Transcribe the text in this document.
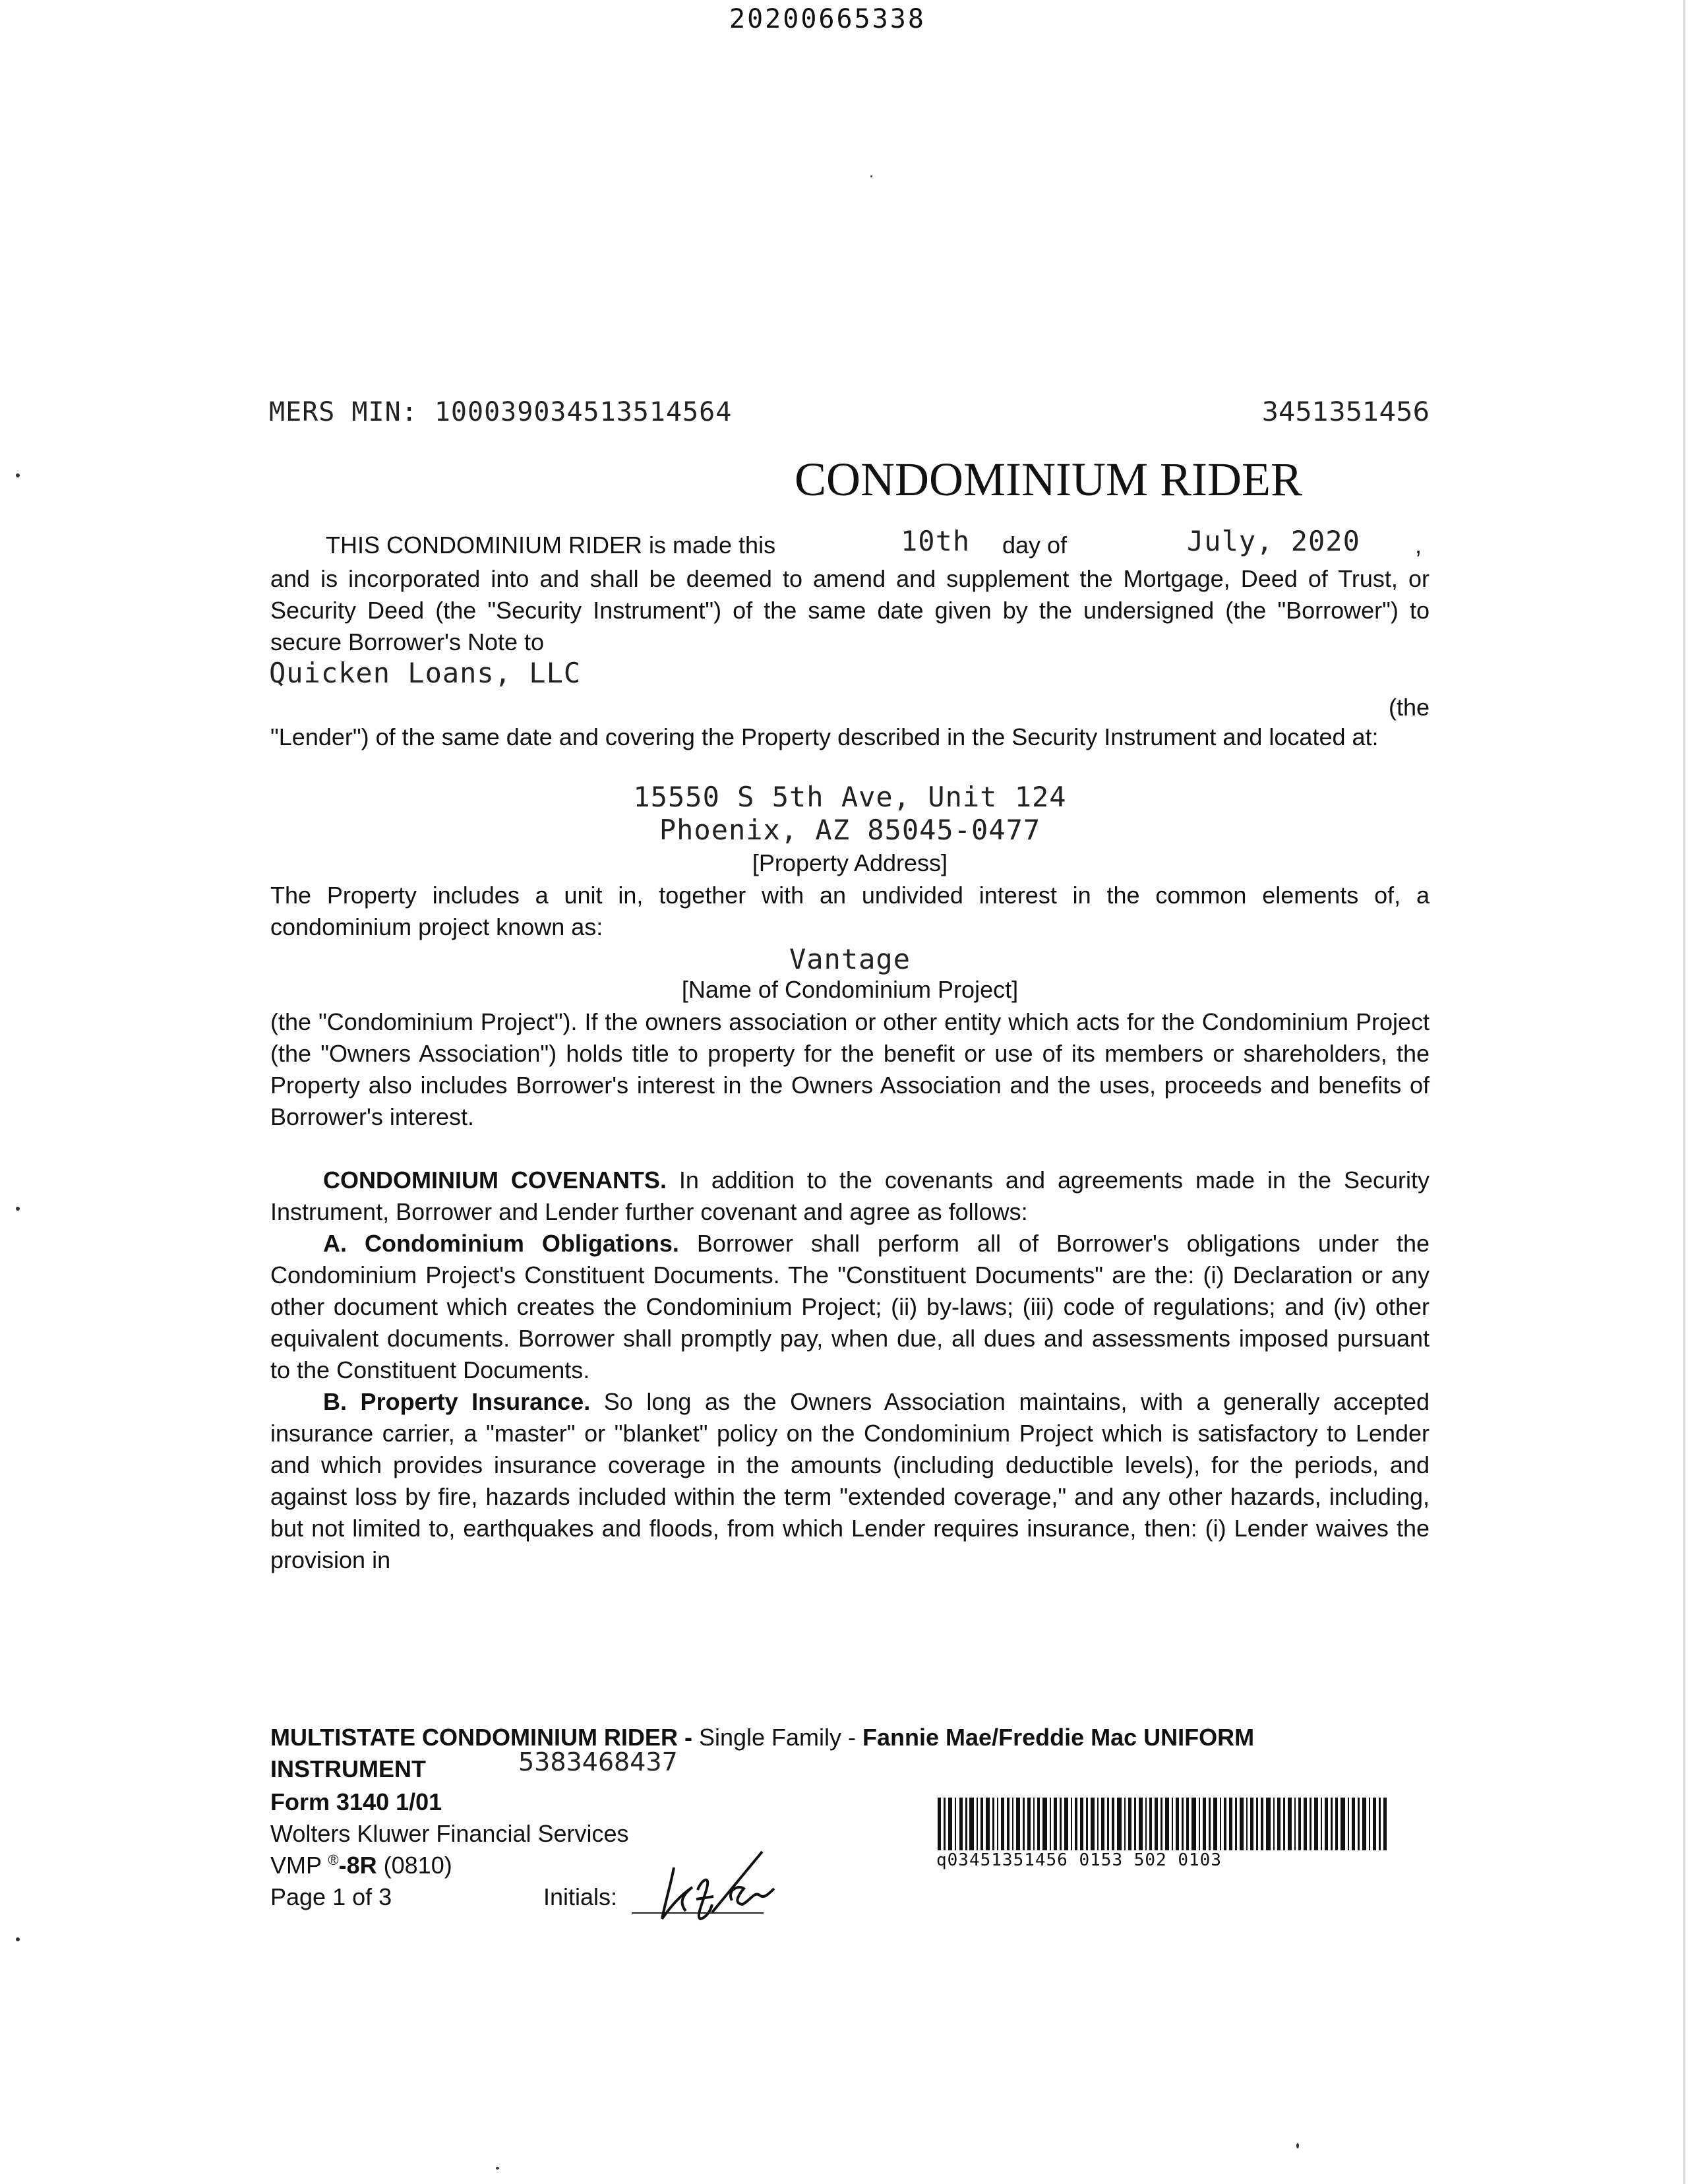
20200665338
MERS MIN: 100039034513514564	3451351456
CONDOMINIUM RIDER
THIS CONDOMINIUM RIDER is made this	10th day of	July, 2020 ,
and is incorporated into and shall be deemed to amend and supplement the Mortgage, Deed of Trust, or Security Deed (the "Security Instrument") of the same date given by the undersigned (the "Borrower") to secure Borrower's Note to
Quicken Loans, LLC
(the
"Lender") of the same date and covering the Property described in the Security Instrument and located at:
15550 S 5th Ave, Unit 124
Phoenix, AZ 85045-0477
[Property Address]
The Property includes a unit in, together with an undivided interest in the common elements of, a condominium project known as:
Vantage
[Name of Condominium Project]
(the "Condominium Project"). If the owners association or other entity which acts for the Condominium Project (the "Owners Association") holds title to property for the benefit or use of its members or shareholders, the Property also includes Borrower's interest in the Owners Association and the uses, proceeds and benefits of Borrower's interest.

CONDOMINIUM COVENANTS. In addition to the covenants and agreements made in the Security Instrument, Borrower and Lender further covenant and agree as follows:

A. Condominium Obligations. Borrower shall perform all of Borrower's obligations under the Condominium Project's Constituent Documents. The "Constituent Documents" are the: (i) Declaration or any other document which creates the Condominium Project; (ii) by-laws; (iii) code of regulations; and (iv) other equivalent documents. Borrower shall promptly pay, when due, all dues and assessments imposed pursuant to the Constituent Documents.

B. Property Insurance. So long as the Owners Association maintains, with a generally accepted insurance carrier, a "master" or "blanket" policy on the Condominium Project which is satisfactory to Lender and which provides insurance coverage in the amounts (including deductible levels), for the periods, and against loss by fire, hazards included within the term "extended coverage," and any other hazards, including, but not limited to, earthquakes and floods, from which Lender requires insurance, then: (i) Lender waives the provision in

MULTISTATE CONDOMINIUM RIDER - Single Family - Fannie Mae/Freddie Mac UNIFORM
INSTRUMENT	5383468437
Form 3140 1/01
Wolters Kluwer Financial Services
VMP ®-8R (0810)
Page 1 of 3	Initials:
q03451351456 0153 502 0103
